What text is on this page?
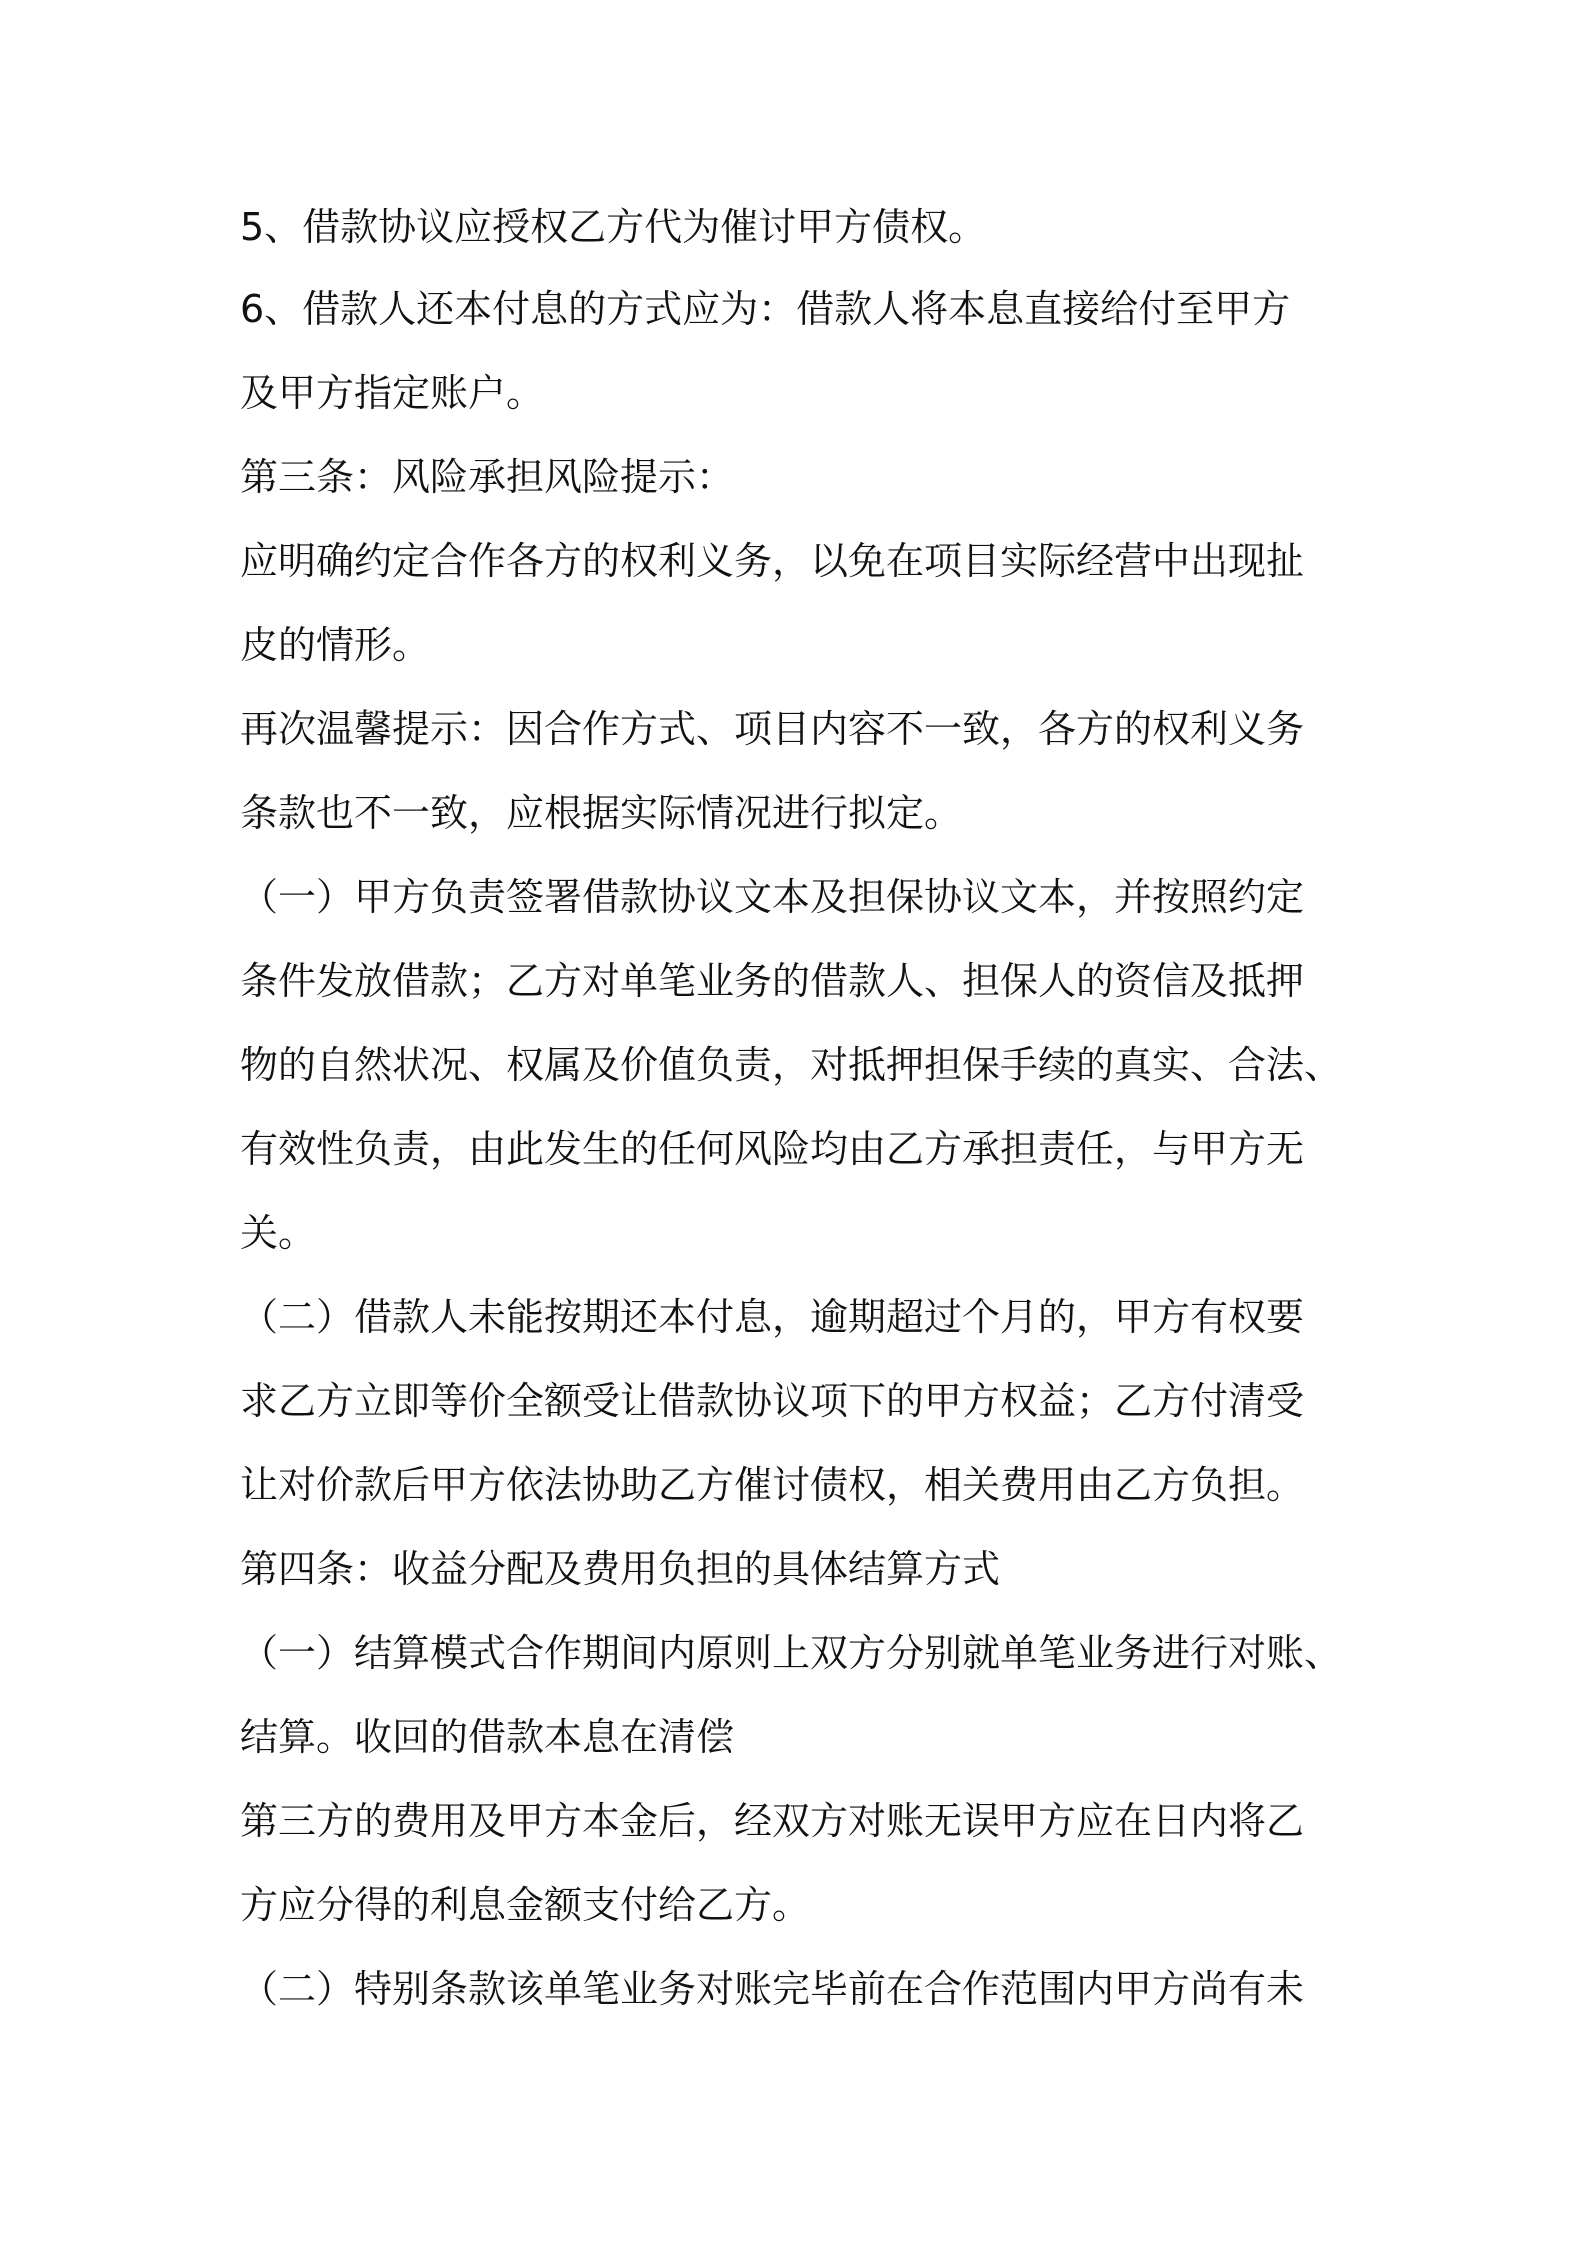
5、借款协议应授权乙方代为催讨甲方债权。

6、借款人还本付息的方式应为：借款人将本息直接给付至甲方

及甲方指定账户。

第三条：风险承担风险提示：

应明确约定合作各方的权利义务，以免在项目实际经营中出现扯

皮的情形。

再次温馨提示：因合作方式、项目内容不一致，各方的权利义务

条款也不一致，应根据实际情况进行拟定。

（一）甲方负责签署借款协议文本及担保协议文本，并按照约定

条件发放借款；乙方对单笔业务的借款人、担保人的资信及抵押

物的自然状况、权属及价值负责，对抵押担保手续的真实、合法、

有效性负责，由此发生的任何风险均由乙方承担责任，与甲方无

关。

（二）借款人未能按期还本付息，逾期超过个月的，甲方有权要

求乙方立即等价全额受让借款协议项下的甲方权益；乙方付清受

让对价款后甲方依法协助乙方催讨债权，相关费用由乙方负担。

第四条：收益分配及费用负担的具体结算方式

（一）结算模式合作期间内原则上双方分别就单笔业务进行对账、

结算。收回的借款本息在清偿

第三方的费用及甲方本金后，经双方对账无误甲方应在日内将乙

方应分得的利息金额支付给乙方。

（二）特别条款该单笔业务对账完毕前在合作范围内甲方尚有未
